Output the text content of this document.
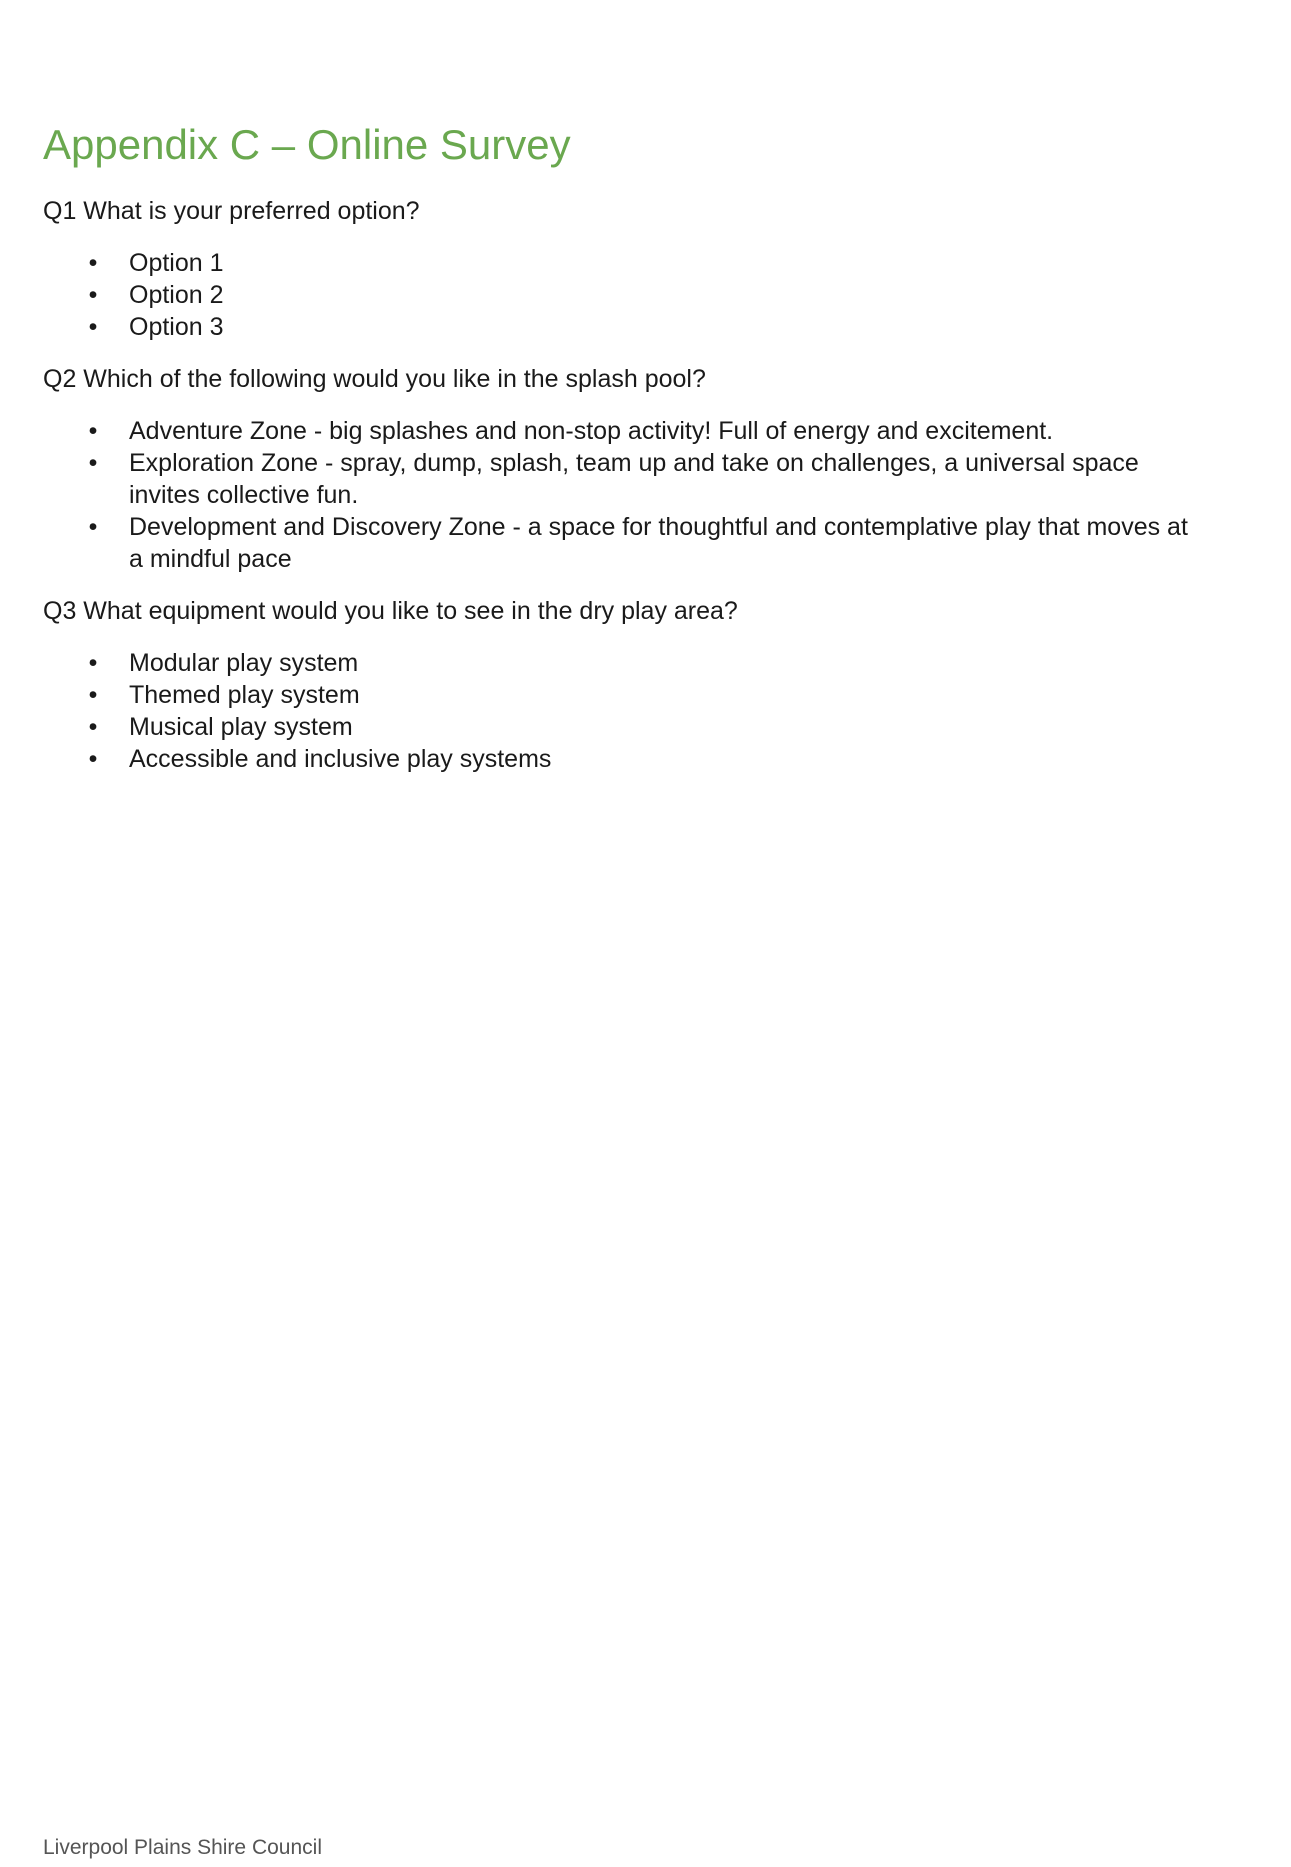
Appendix C – Online Survey

Q1 What is your preferred option?

• Option 1
• Option 2
• Option 3

Q2 Which of the following would you like in the splash pool?

• Adventure Zone - big splashes and non-stop activity! Full of energy and excitement.
• Exploration Zone - spray, dump, splash, team up and take on challenges, a universal space invites collective fun.
• Development and Discovery Zone - a space for thoughtful and contemplative play that moves at a mindful pace

Q3 What equipment would you like to see in the dry play area?

• Modular play system
• Themed play system
• Musical play system
• Accessible and inclusive play systems
Liverpool Plains Shire Council
